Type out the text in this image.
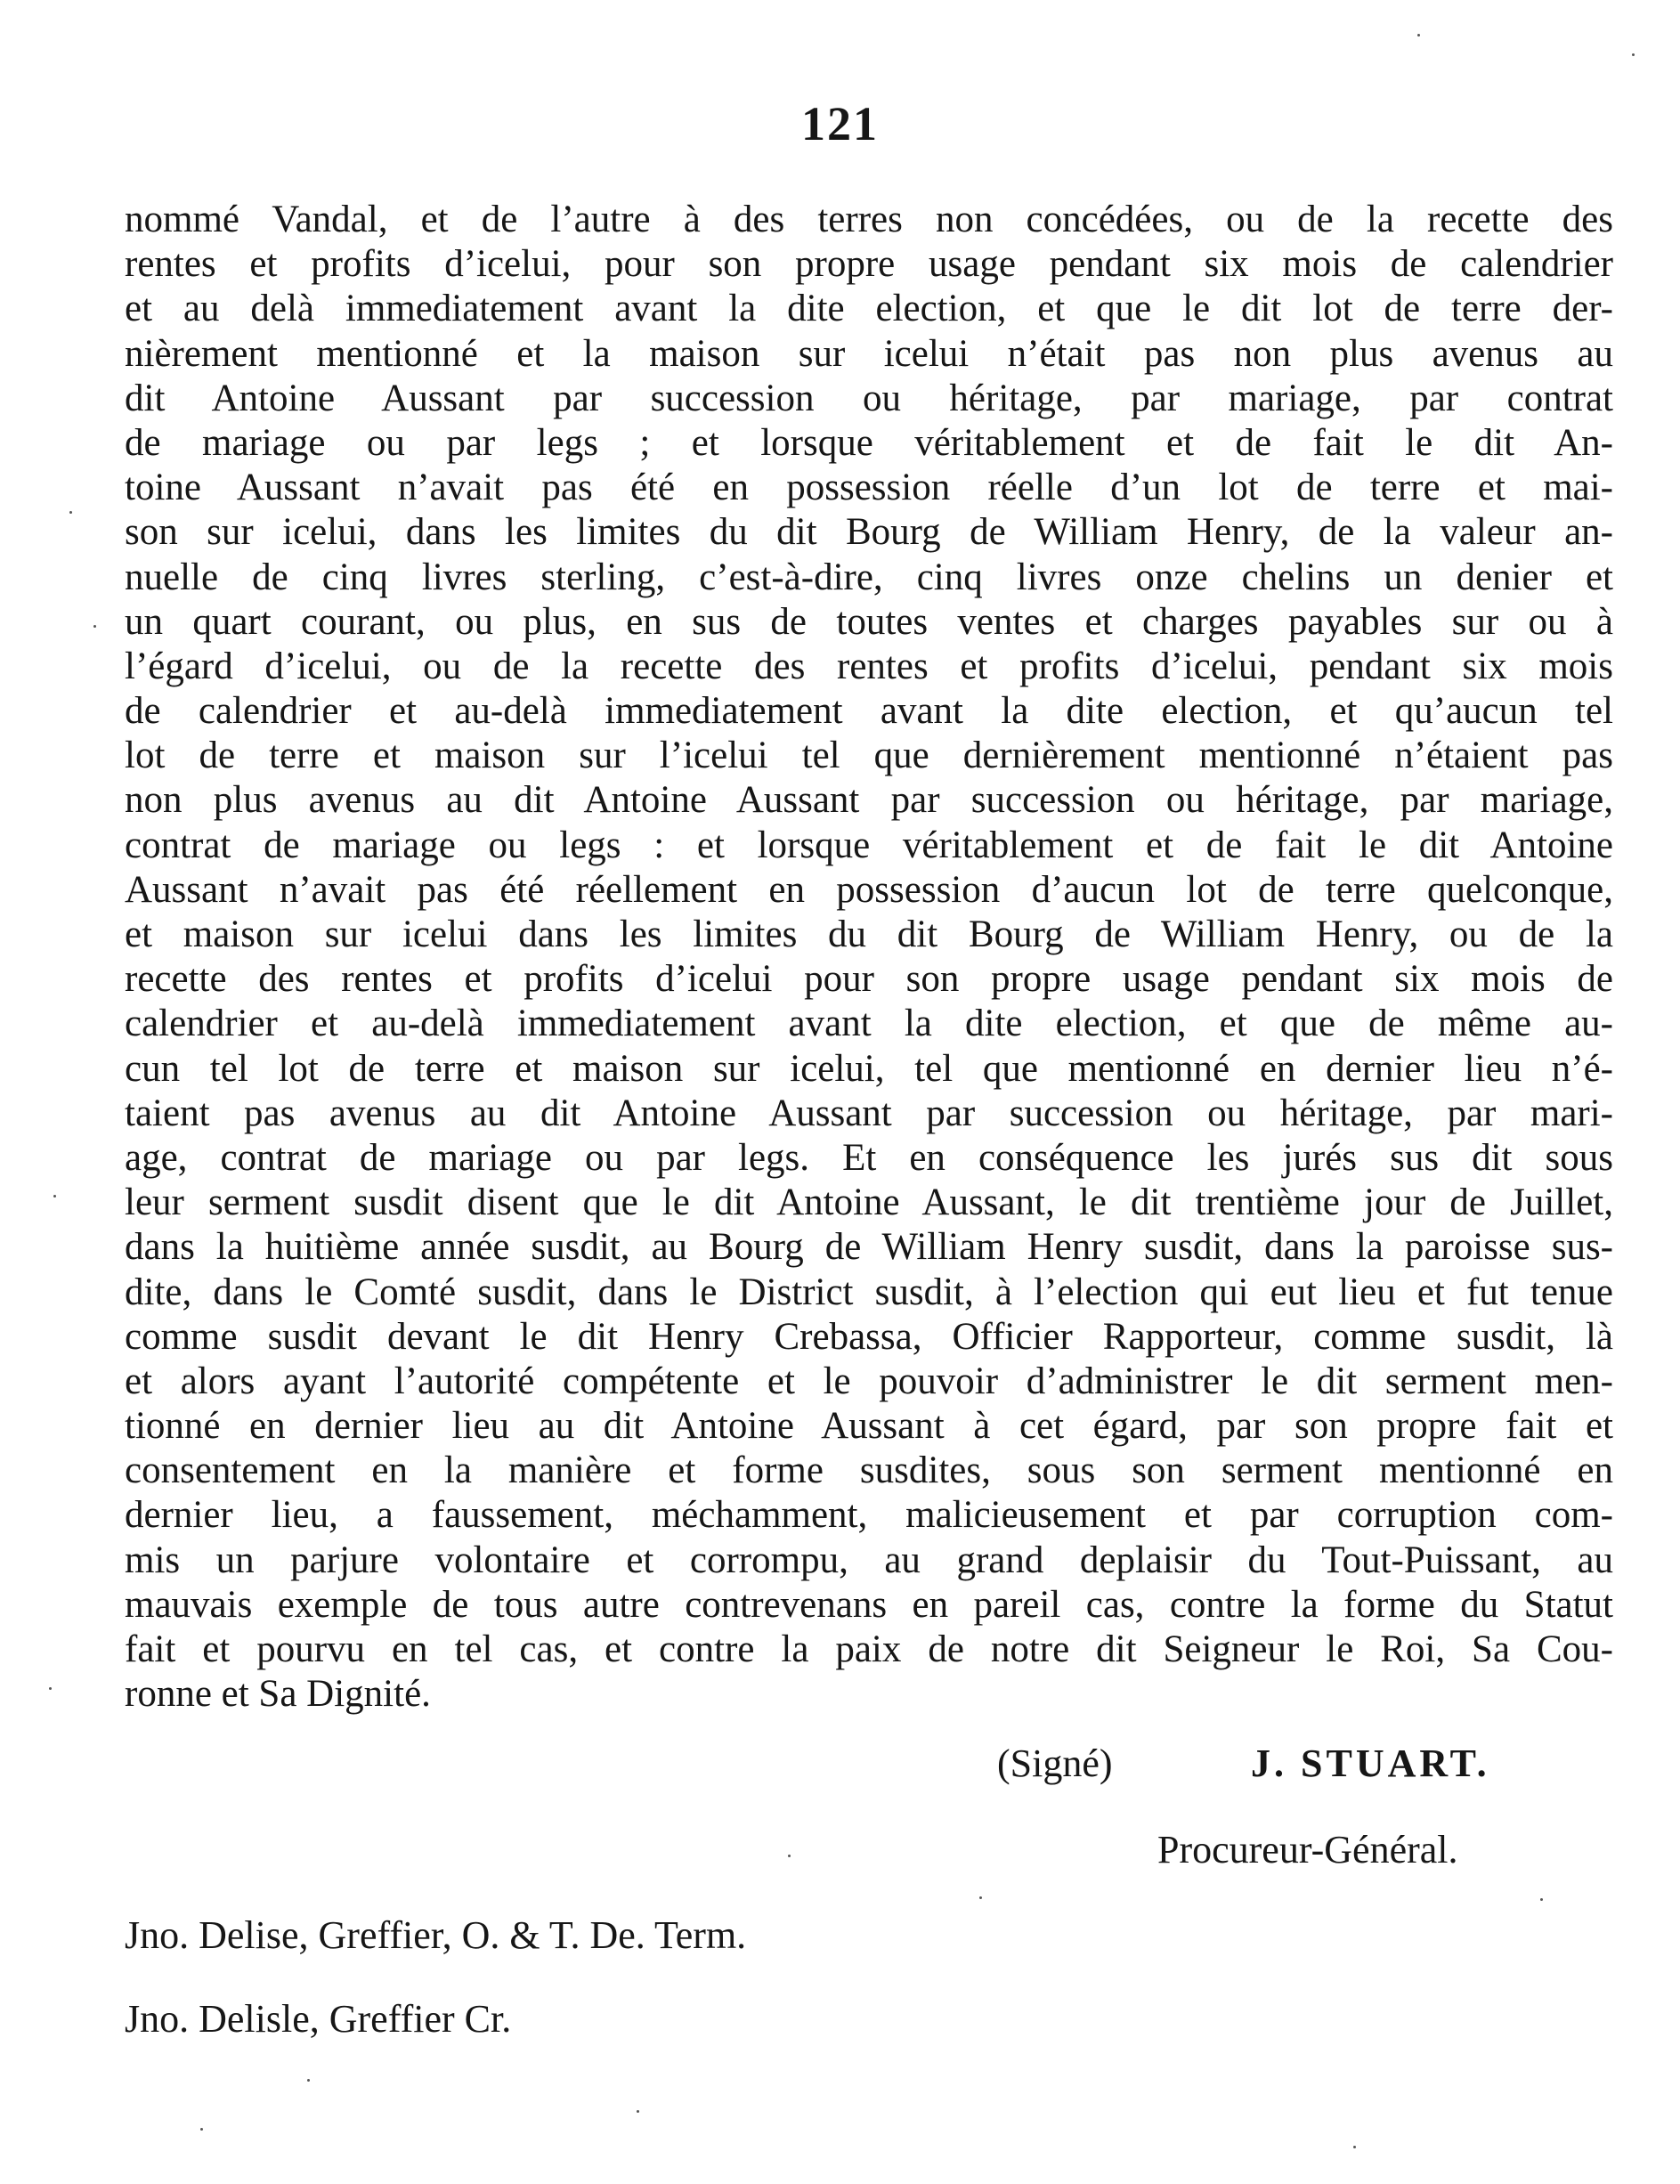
121
nommé Vandal, et de l’autre à des terres non concédées, ou de la recette des
rentes et profits d’icelui, pour son propre usage pendant six mois de calendrier
et au delà immediatement avant la dite election, et que le dit lot de terre der-
nièrement mentionné et la maison sur icelui n’était pas non plus avenus au
dit Antoine Aussant par succession ou héritage, par mariage, par contrat
de mariage ou par legs ; et lorsque véritablement et de fait le dit An-
toine Aussant n’avait pas été en possession réelle d’un lot de terre et mai-
son sur icelui, dans les limites du dit Bourg de William Henry, de la valeur an-
nuelle de cinq livres sterling, c’est-à-dire, cinq livres onze chelins un denier et
un quart courant, ou plus, en sus de toutes ventes et charges payables sur ou à
l’égard d’icelui, ou de la recette des rentes et profits d’icelui, pendant six mois
de calendrier et au-delà immediatement avant la dite election, et qu’aucun tel
lot de terre et maison sur l’icelui tel que dernièrement mentionné n’étaient pas
non plus avenus au dit Antoine Aussant par succession ou héritage, par mariage,
contrat de mariage ou legs : et lorsque véritablement et de fait le dit Antoine
Aussant n’avait pas été réellement en possession d’aucun lot de terre quelconque,
et maison sur icelui dans les limites du dit Bourg de William Henry, ou de la
recette des rentes et profits d’icelui pour son propre usage pendant six mois de
calendrier et au-delà immediatement avant la dite election, et que de même au-
cun tel lot de terre et maison sur icelui, tel que mentionné en dernier lieu n’é-
taient pas avenus au dit Antoine Aussant par succession ou héritage, par mari-
age, contrat de mariage ou par legs. Et en conséquence les jurés sus dit sous
leur serment susdit disent que le dit Antoine Aussant, le dit trentième jour de Juillet,
dans la huitième année susdit, au Bourg de William Henry susdit, dans la paroisse sus-
dite, dans le Comté susdit, dans le District susdit, à l’election qui eut lieu et fut tenue
comme susdit devant le dit Henry Crebassa, Officier Rapporteur, comme susdit, là
et alors ayant l’autorité compétente et le pouvoir d’administrer le dit serment men-
tionné en dernier lieu au dit Antoine Aussant à cet égard, par son propre fait et
consentement en la manière et forme susdites, sous son serment mentionné en
dernier lieu, a faussement, méchamment, malicieusement et par corruption com-
mis un parjure volontaire et corrompu, au grand deplaisir du Tout-Puissant, au
mauvais exemple de tous autre contrevenans en pareil cas, contre la forme du Statut
fait et pourvu en tel cas, et contre la paix de notre dit Seigneur le Roi, Sa Cou-
ronne et Sa Dignité.
(Signé)	J. STUART.
Procureur-Général.
Jno. Delise, Greffier, O. & T. De. Term.
Jno. Delisle, Greffier Cr.
